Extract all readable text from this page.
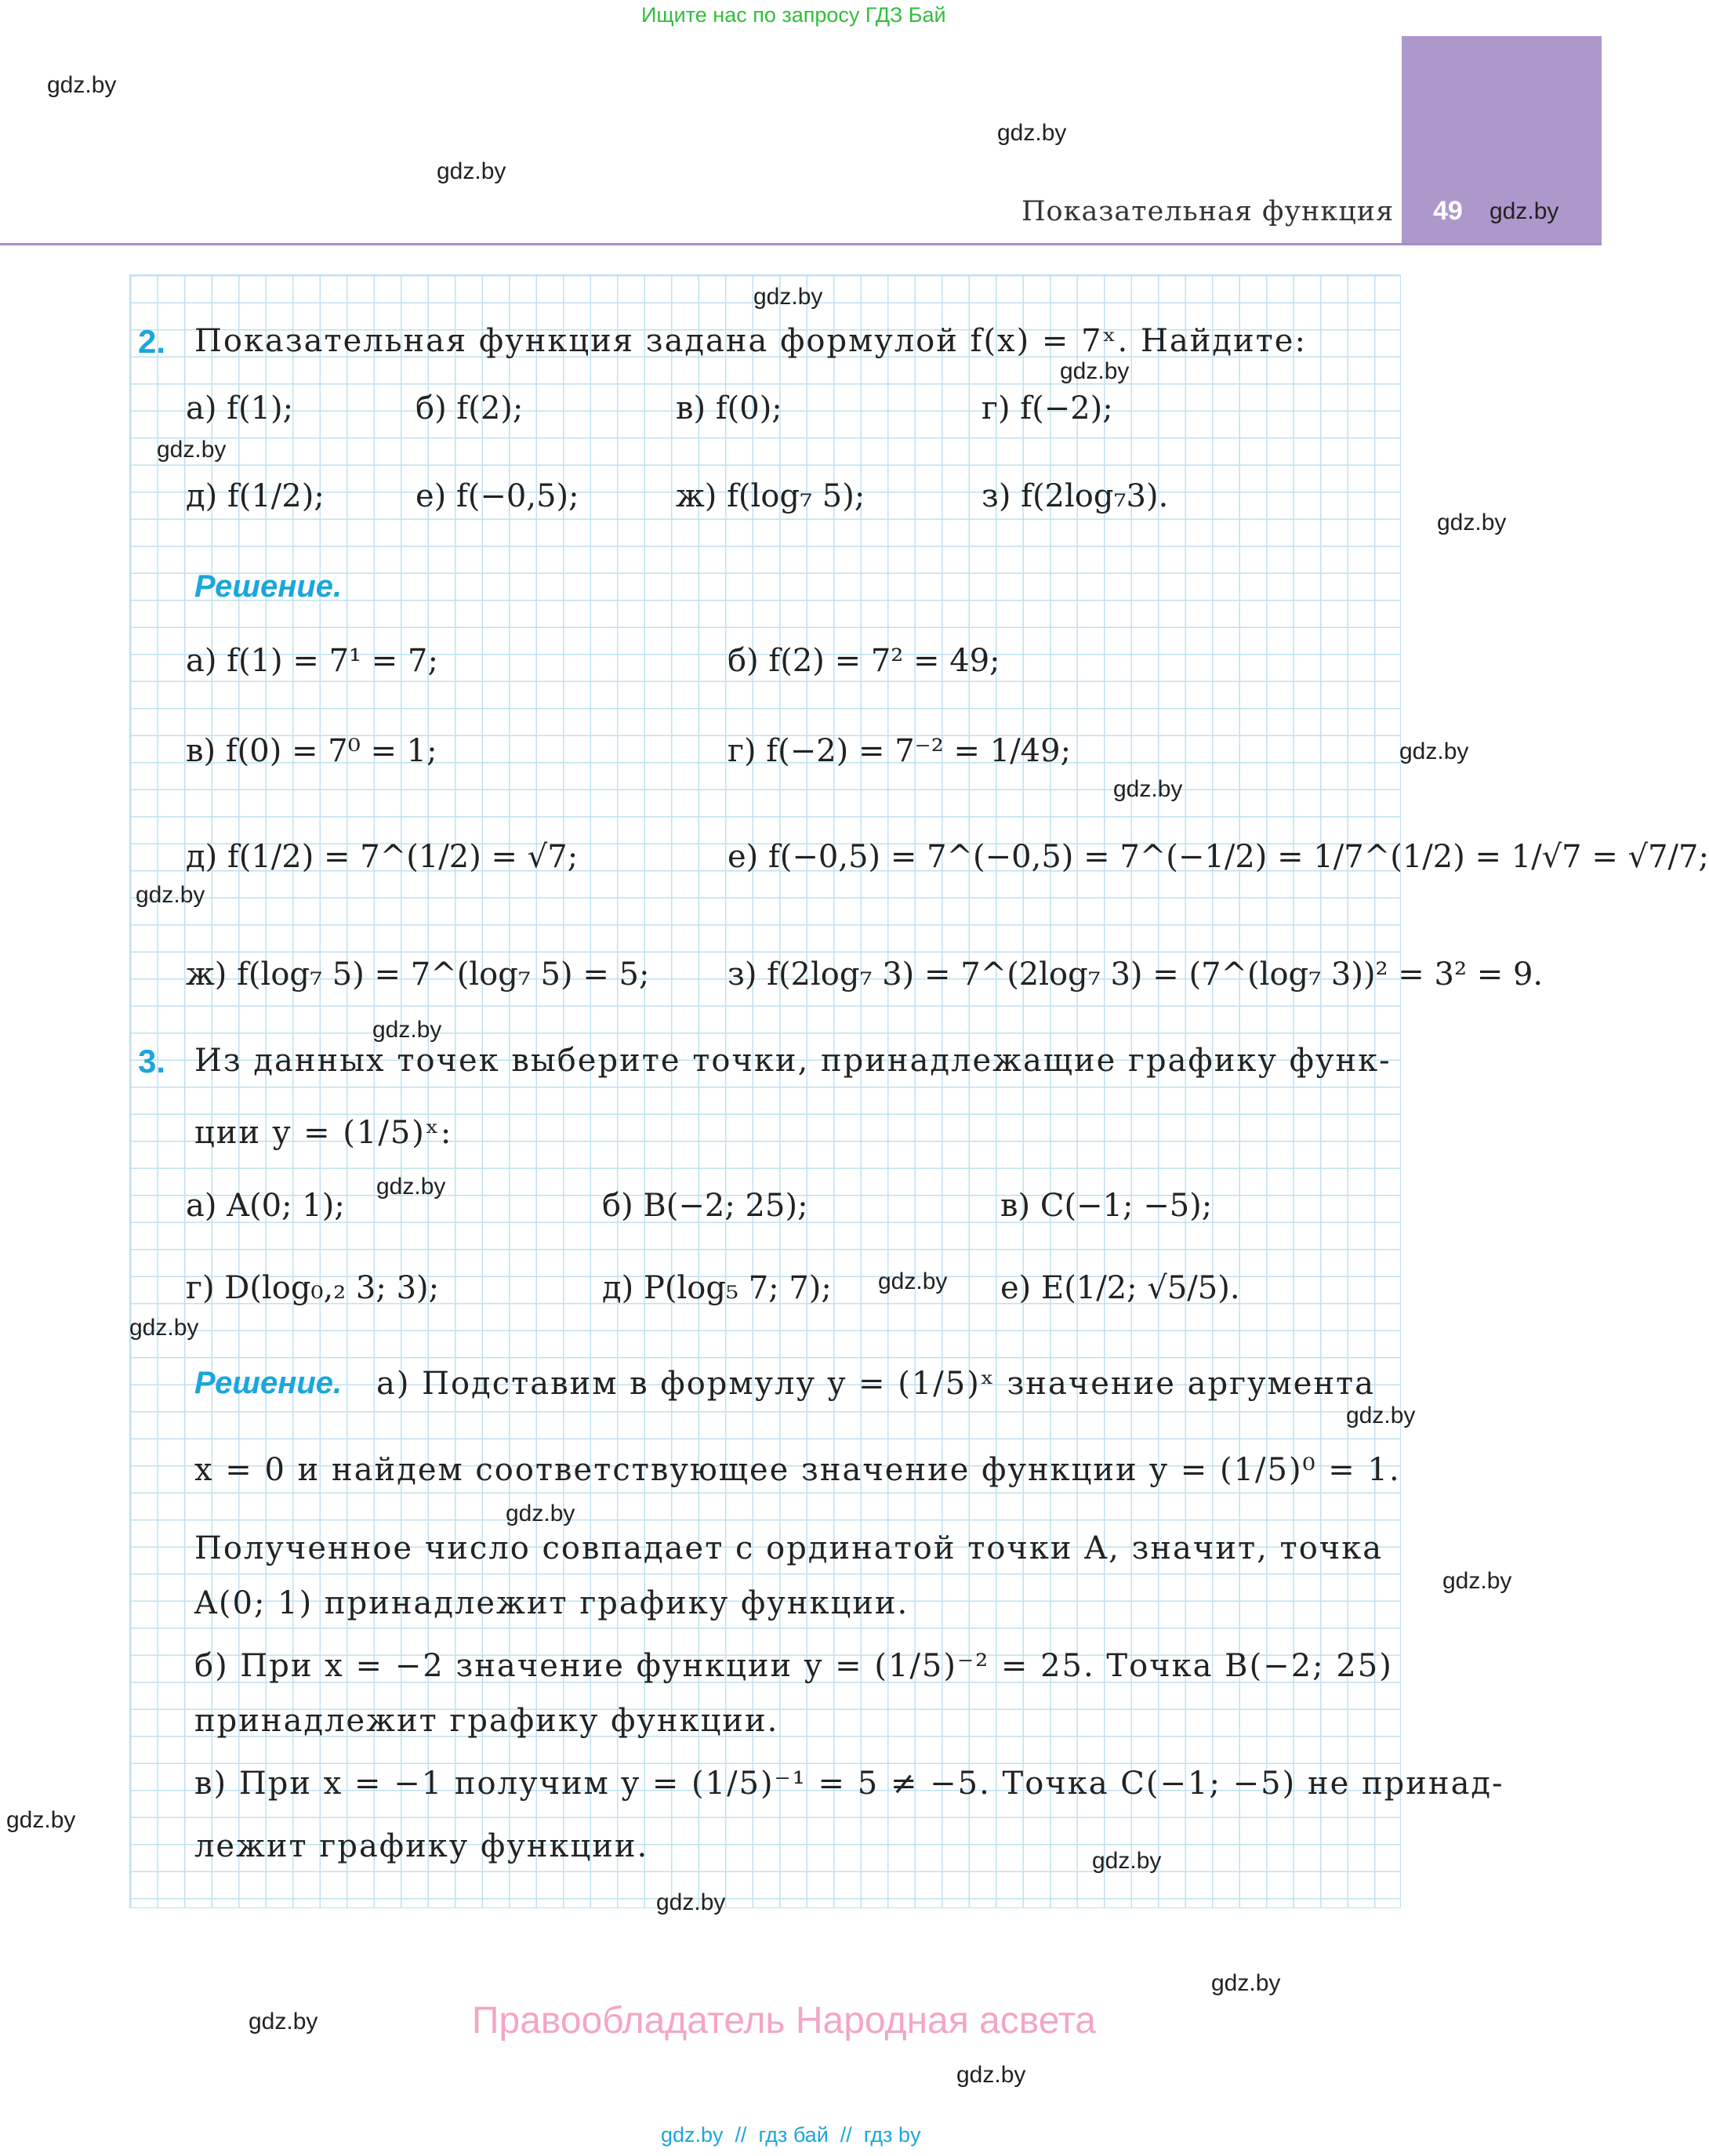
Ищите нас по запросу ГДЗ Бай
49
Показательная функция
gdz.by
gdz.by
gdz.by
gdz.by
gdz.by
gdz.by
gdz.by
gdz.by
gdz.by
gdz.by
gdz.by
gdz.by
gdz.by
gdz.by
gdz.by
gdz.by
gdz.by
gdz.by
gdz.by
gdz.by
gdz.by
gdz.by
gdz.by
gdz.by
2. Показательная функция задана формулой f(x) = 7ˣ. Найдите:
а) f(1);	б) f(2);	в) f(0);	г) f(−2);
д) f(1/2);	е) f(−0,5);	ж) f(log₇ 5);	з) f(2log₇3).
Решение.
а) f(1) = 7¹ = 7;	б) f(2) = 7² = 49;
в) f(0) = 7⁰ = 1;	г) f(−2) = 7⁻² = 1/49;
д) f(1/2) = 7^(1/2) = √7;	е) f(−0,5) = 7^(−0,5) = 7^(−1/2) = 1/7^(1/2) = 1/√7 = √7/7;
ж) f(log₇ 5) = 7^(log₇ 5) = 5; з) f(2log₇ 3) = 7^(2log₇ 3) = (7^(log₇ 3))² = 3² = 9.
3. Из данных точек выберите точки, принадлежащие графику функ-
ции y = (1/5)ˣ:
а) A(0; 1);	б) B(−2; 25);	в) C(−1; −5);
г) D(log₀,₂ 3; 3);	д) P(log₅ 7; 7);	е) E(1/2; √5/5).
Решение. а) Подставим в формулу y = (1/5)ˣ значение аргумента
x = 0 и найдем соответствующее значение функции y = (1/5)⁰ = 1.
Полученное число совпадает с ординатой точки A, значит, точка
A(0; 1) принадлежит графику функции.
б) При x = −2 значение функции y = (1/5)⁻² = 25. Точка B(−2; 25)
принадлежит графику функции.
в) При x = −1 получим y = (1/5)⁻¹ = 5 ≠ −5. Точка C(−1; −5) не принад-
лежит графику функции.
Правообладатель Народная асвета
gdz.by  //  гдз бай  //  гдз by
